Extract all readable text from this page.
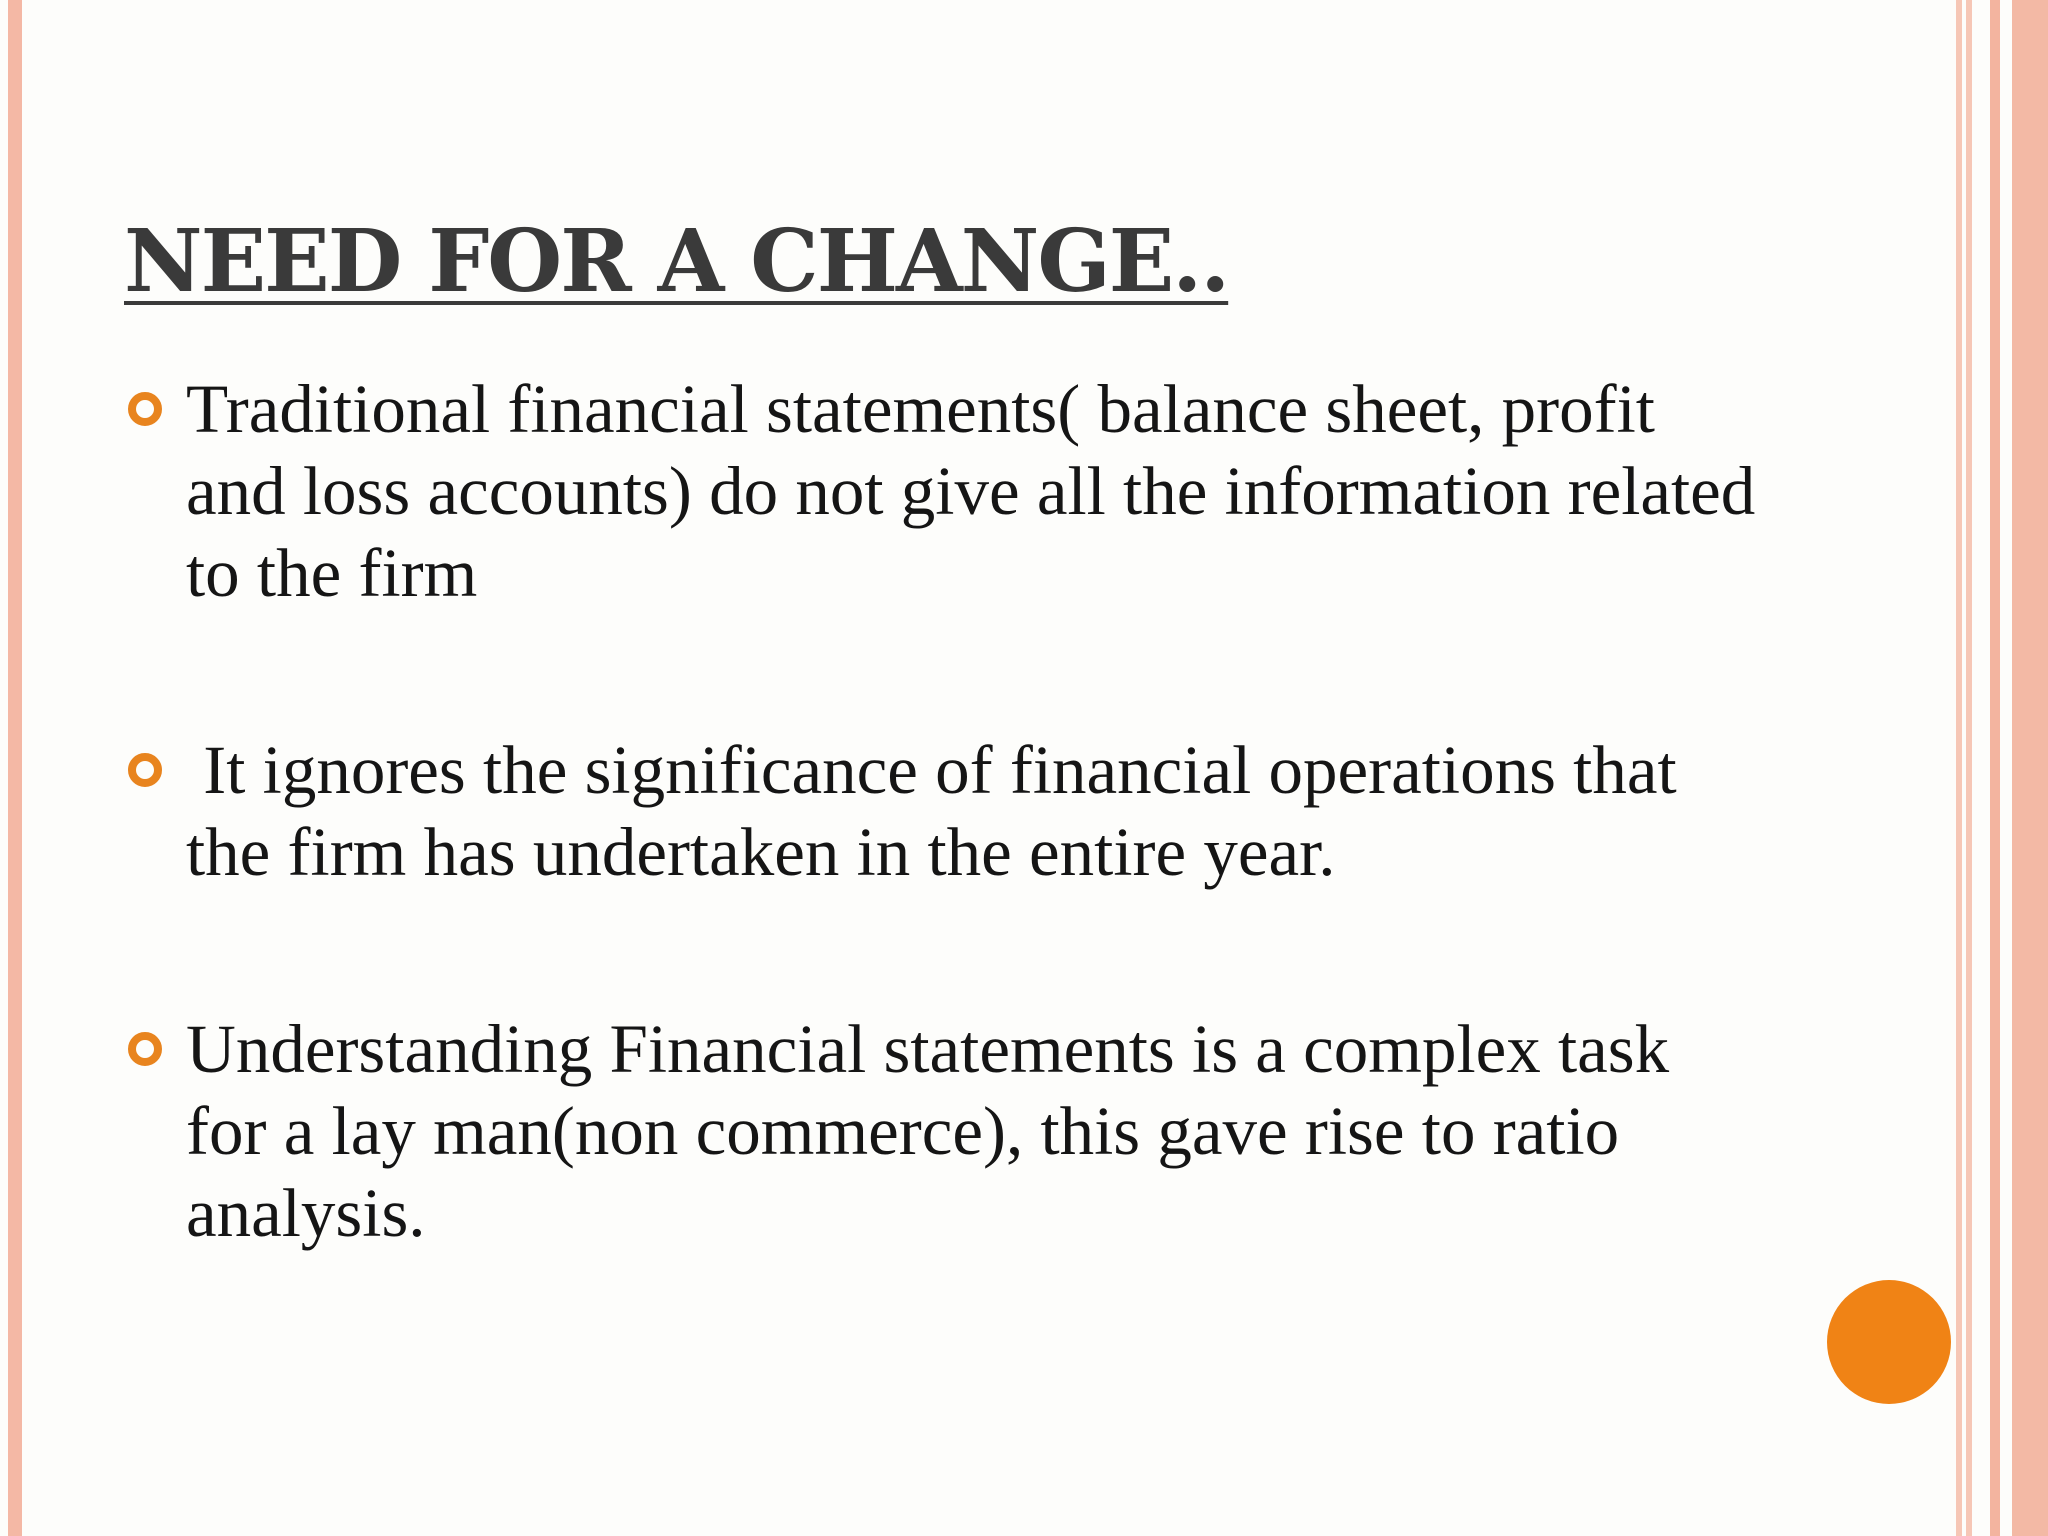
NEED FOR A CHANGE..
Traditional financial statements( balance sheet, profit and loss accounts) do not give all the information related to the firm
It ignores the significance of financial operations that the firm has undertaken in the entire year.
Understanding Financial statements is a complex task for a lay man(non commerce), this gave rise to ratio analysis.
